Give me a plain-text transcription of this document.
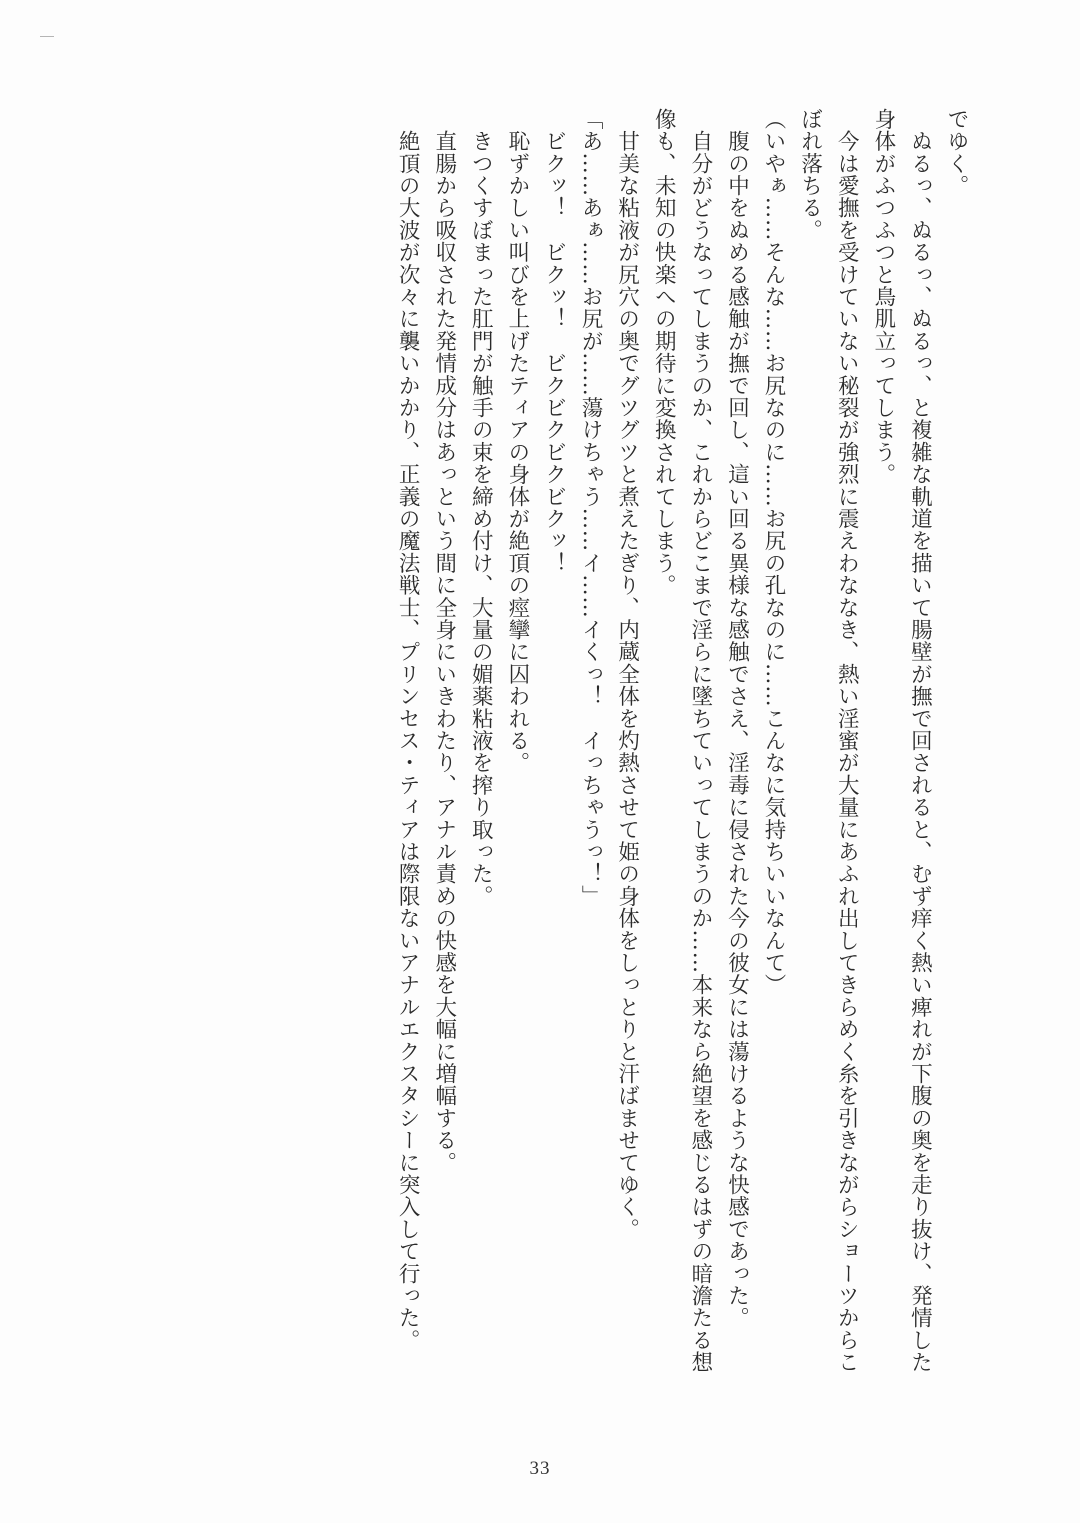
でゆく。

　ぬるっ、ぬるっ、ぬるっ、と複雑な軌道を描いて腸壁が撫で回されると、むず痒く熱い痺れが下腹の奥を走り抜け、発情した身体がふつふつと鳥肌立ってしまう。

　今は愛撫を受けていない秘裂が強烈に震えわななき、熱い淫蜜が大量にあふれ出してきらめく糸を引きながらショーツからこぼれ落ちる。

（いやぁ……そんな……お尻なのに……お尻の孔なのに……こんなに気持ちいいなんて）

　腹の中をぬめる感触が撫で回し、這い回る異様な感触でさえ、淫毒に侵された今の彼女には蕩けるような快感であった。

　自分がどうなってしまうのか、これからどこまで淫らに墜ちていってしまうのか……本来なら絶望を感じるはずの暗澹たる想像も、未知の快楽への期待に変換されてしまう。

　甘美な粘液が尻穴の奥でグツグツと煮えたぎり、内蔵全体を灼熱させて姫の身体をしっとりと汗ばませてゆく。

「あ……あぁ……お尻が……蕩けちゃう……イ……イくっ！　イっちゃうっ！」

　ビクッ！　ビクッ！　ビクビクビクビクッ！

　恥ずかしい叫びを上げたティアの身体が絶頂の痙攣に囚われる。

　きつくすぼまった肛門が触手の束を締め付け、大量の媚薬粘液を搾り取った。

　直腸から吸収された発情成分はあっという間に全身にいきわたり、アナル責めの快感を大幅に増幅する。

　絶頂の大波が次々に襲いかかり、正義の魔法戦士、プリンセス・ティアは際限ないアナルエクスタシーに突入して行った。

33
